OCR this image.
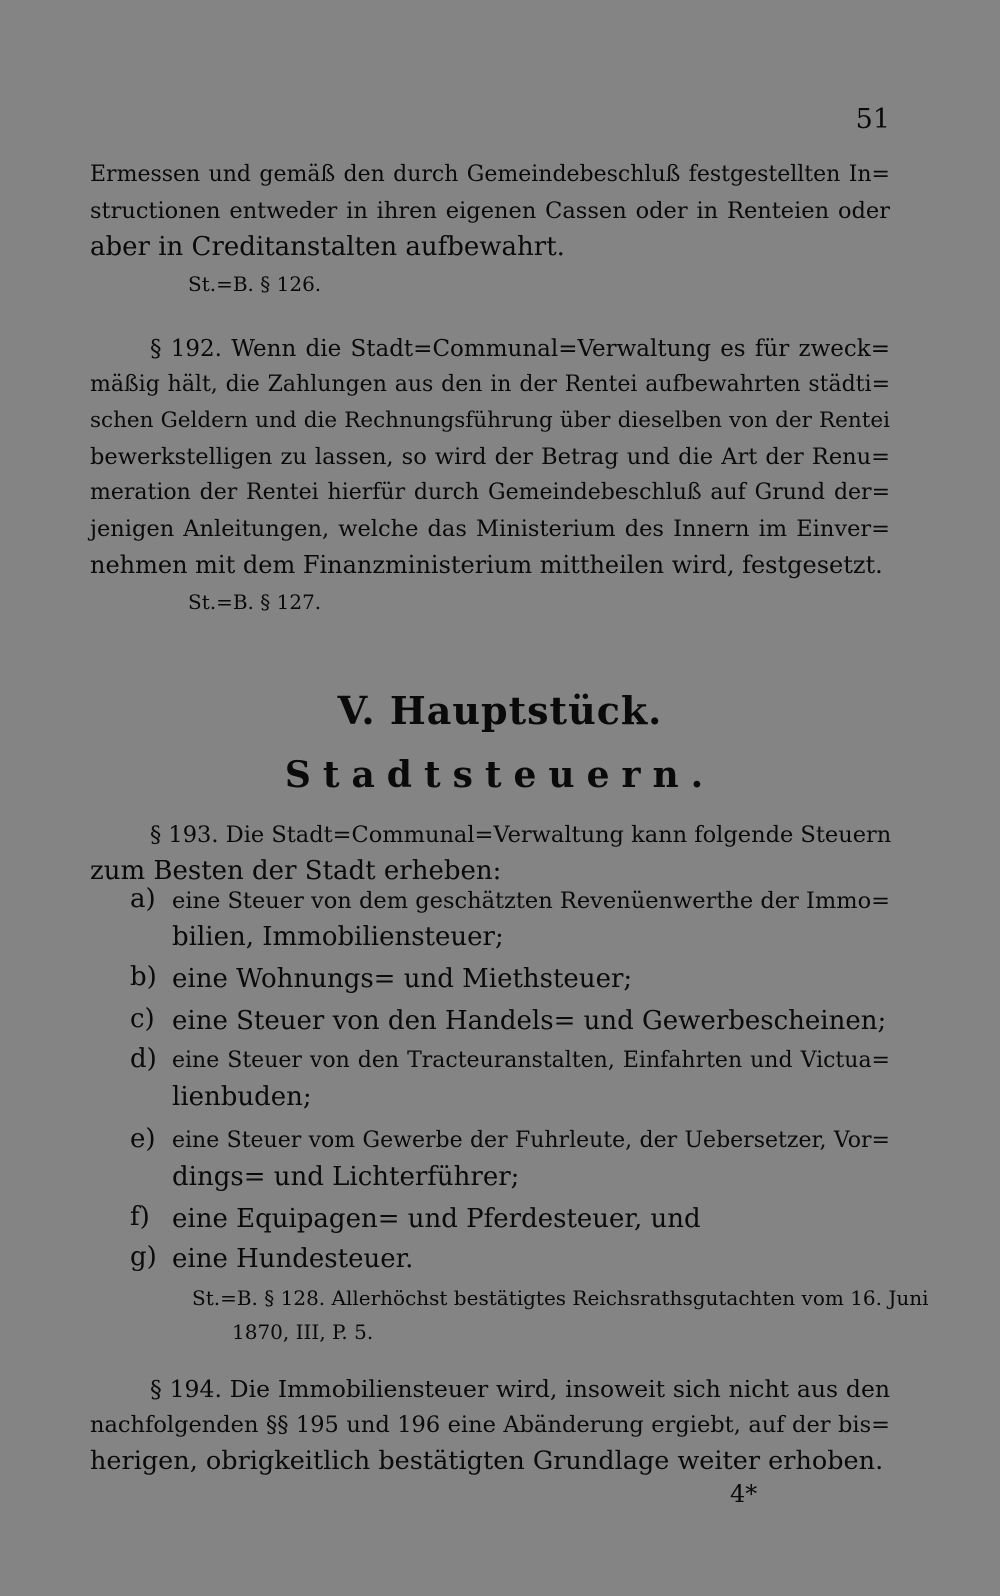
51
Ermessen und gemäß den durch Gemeindebeschluß festgestellten In=
structionen entweder in ihren eigenen Cassen oder in Renteien oder
aber in Creditanstalten aufbewahrt.
St.=B. § 126.
§ 192. Wenn die Stadt=Communal=Verwaltung es für zweck=
mäßig hält, die Zahlungen aus den in der Rentei aufbewahrten städti=
schen Geldern und die Rechnungsführung über dieselben von der Rentei
bewerkstelligen zu lassen, so wird der Betrag und die Art der Renu=
meration der Rentei hierfür durch Gemeindebeschluß auf Grund der=
jenigen Anleitungen, welche das Ministerium des Innern im Einver=
nehmen mit dem Finanzministerium mittheilen wird, festgesetzt.
St.=B. § 127.
V. Hauptstück.
Stadtsteuern.
§ 193. Die Stadt=Communal=Verwaltung kann folgende Steuern
zum Besten der Stadt erheben:
a) eine Steuer von dem geschätzten Revenüenwerthe der Immo=
bilien, Immobiliensteuer;
b) eine Wohnungs= und Miethsteuer;
c) eine Steuer von den Handels= und Gewerbescheinen;
d) eine Steuer von den Tracteuranstalten, Einfahrten und Victua=
lienbuden;
e) eine Steuer vom Gewerbe der Fuhrleute, der Uebersetzer, Vor=
dings= und Lichterführer;
f) eine Equipagen= und Pferdesteuer, und
g) eine Hundesteuer.
St.=B. § 128. Allerhöchst bestätigtes Reichsrathsgutachten vom 16. Juni
1870, III, P. 5.
§ 194. Die Immobiliensteuer wird, insoweit sich nicht aus den
nachfolgenden §§ 195 und 196 eine Abänderung ergiebt, auf der bis=
herigen, obrigkeitlich bestätigten Grundlage weiter erhoben.
4*
